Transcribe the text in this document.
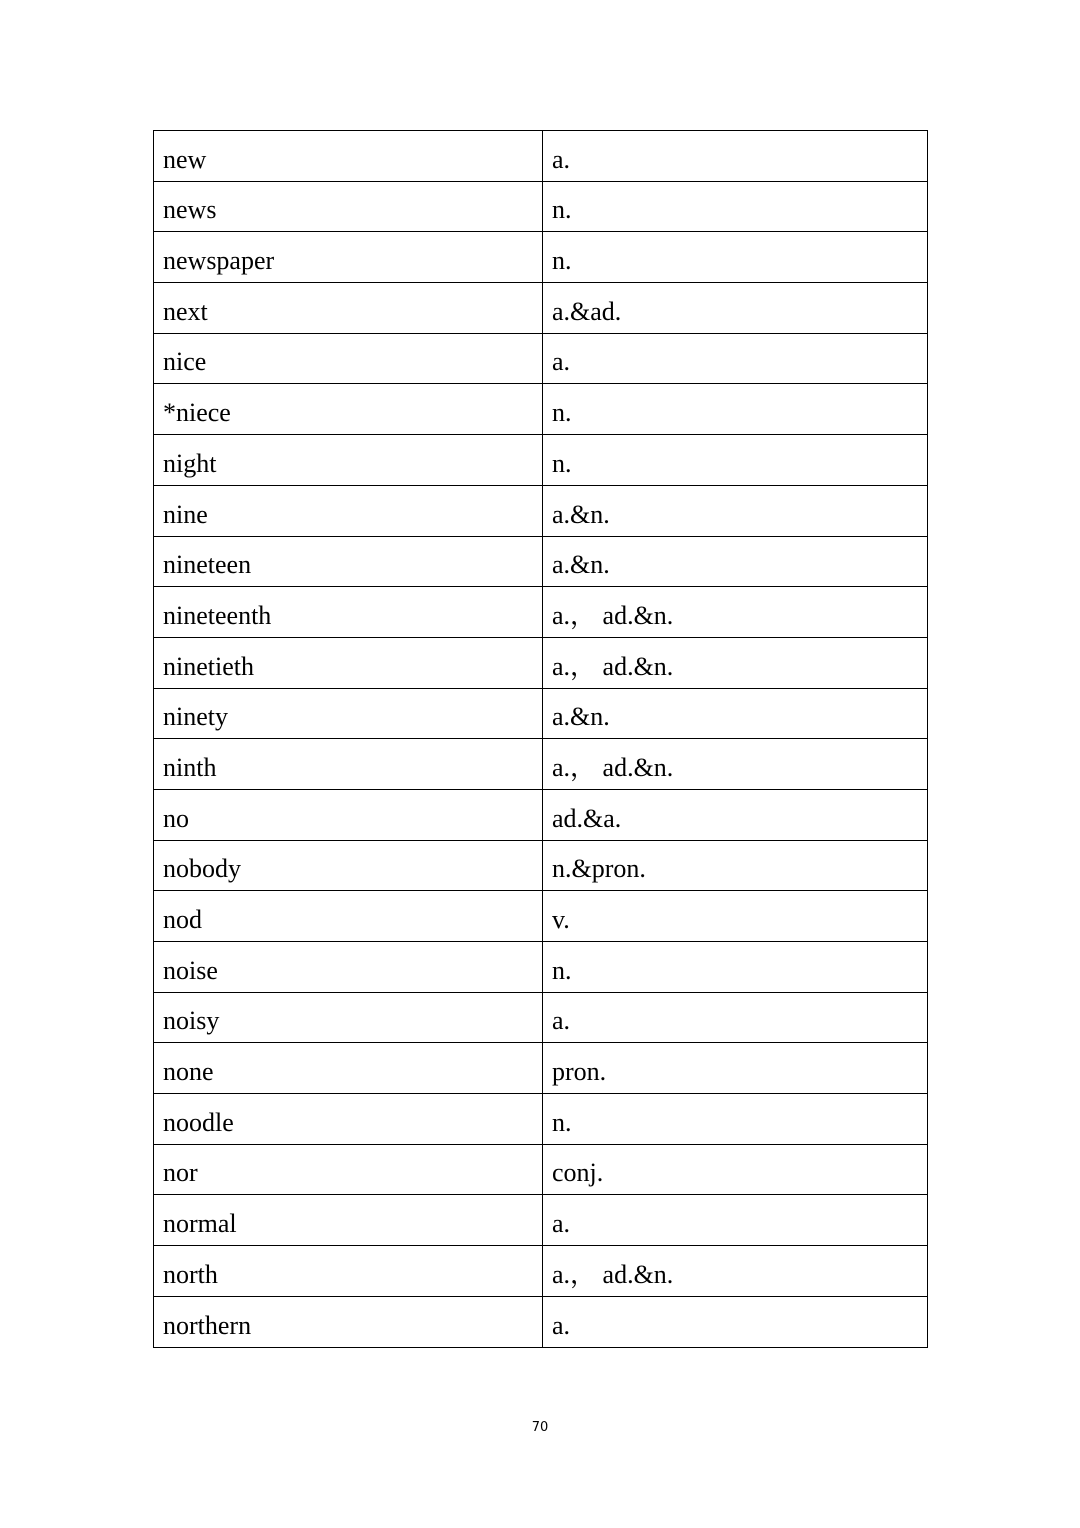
new	a.
news	n.
newspaper	n.
next	a.&ad.
nice	a.
*niece	n.
night	n.
nine	a.&n.
nineteen	a.&n.
nineteenth	a.， ad.&n.
ninetieth	a.， ad.&n.
ninety	a.&n.
ninth	a.， ad.&n.
no	ad.&a.
nobody	n.&pron.
nod	v.
noise	n.
noisy	a.
none	pron.
noodle	n.
nor	conj.
normal	a.
north	a.， ad.&n.
northern	a.
70
